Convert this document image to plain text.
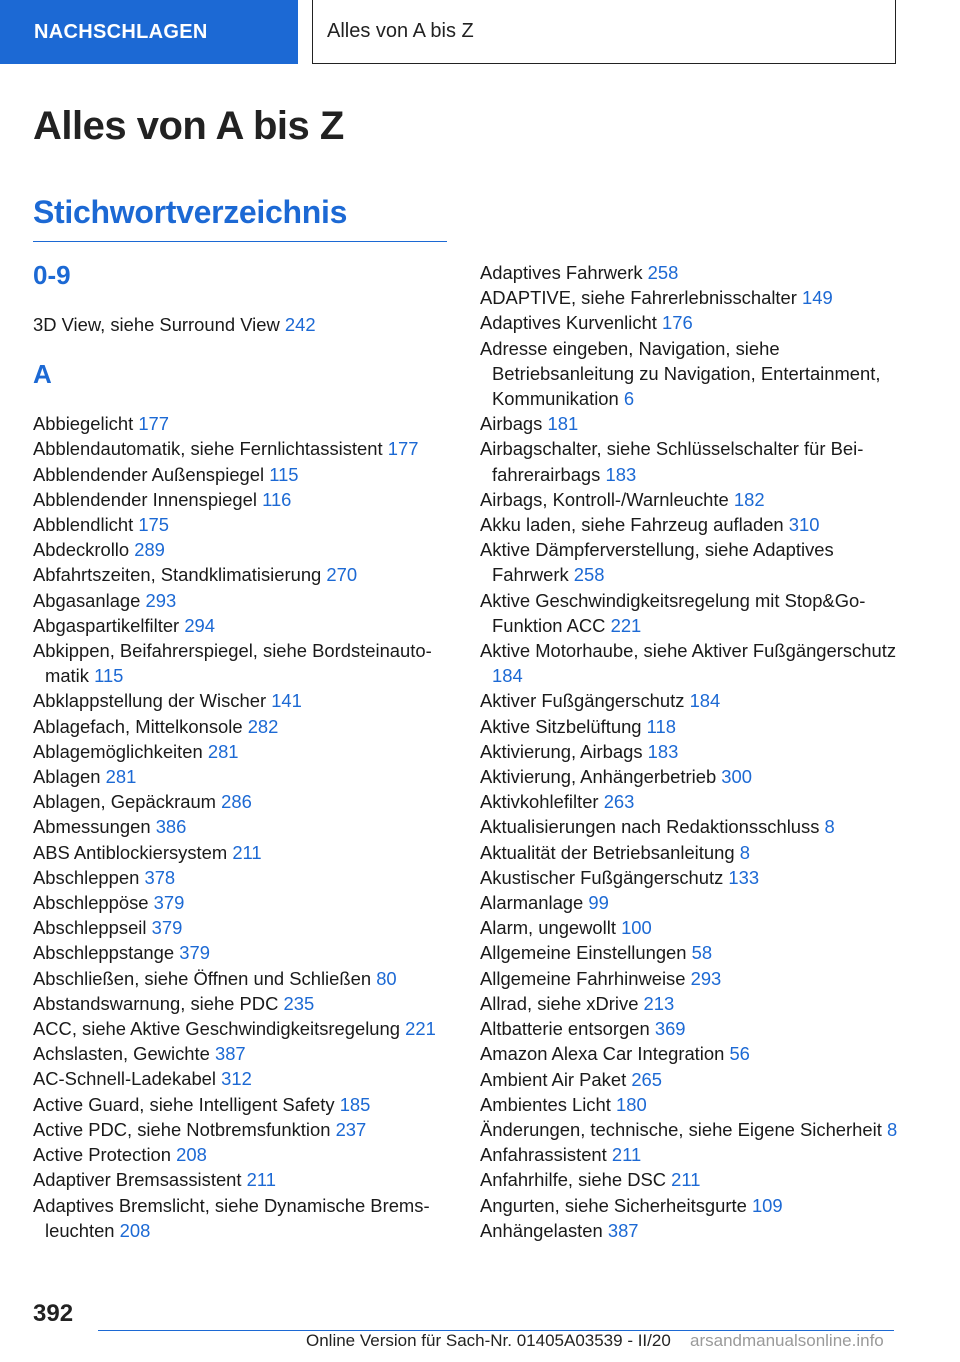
NACHSCHLAGEN	Alles von A bis Z
Alles von A bis Z
Stichwortverzeichnis
0-9
3D View, siehe Surround View 242
A
Abbiegelicht 177
Abblendautomatik, siehe Fernlichtassistent 177
Abblendender Außenspiegel 115
Abblendender Innenspiegel 116
Abblendlicht 175
Abdeckrollo 289
Abfahrtszeiten, Standklimatisierung 270
Abgasanlage 293
Abgaspartikelfilter 294
Abkippen, Beifahrerspiegel, siehe Bordsteinautomatik 115
Abklappstellung der Wischer 141
Ablagefach, Mittelkonsole 282
Ablagemöglichkeiten 281
Ablagen 281
Ablagen, Gepäckraum 286
Abmessungen 386
ABS Antiblockiersystem 211
Abschleppen 378
Abschleppöse 379
Abschleppseil 379
Abschleppstange 379
Abschließen, siehe Öffnen und Schließen 80
Abstandswarnung, siehe PDC 235
ACC, siehe Aktive Geschwindigkeitsregelung 221
Achslasten, Gewichte 387
AC-Schnell-Ladekabel 312
Active Guard, siehe Intelligent Safety 185
Active PDC, siehe Notbremsfunktion 237
Active Protection 208
Adaptiver Bremsassistent 211
Adaptives Bremslicht, siehe Dynamische Bremsleuchten 208
Adaptives Fahrwerk 258
ADAPTIVE, siehe Fahrerlebnisschalter 149
Adaptives Kurvenlicht 176
Adresse eingeben, Navigation, siehe Betriebsanleitung zu Navigation, Entertainment, Kommunikation 6
Airbags 181
Airbagschalter, siehe Schlüsselschalter für Beifahrerairbags 183
Airbags, Kontroll-/Warnleuchte 182
Akku laden, siehe Fahrzeug aufladen 310
Aktive Dämpferverstellung, siehe Adaptives Fahrwerk 258
Aktive Geschwindigkeitsregelung mit Stop&Go-Funktion ACC 221
Aktive Motorhaube, siehe Aktiver Fußgängerschutz 184
Aktiver Fußgängerschutz 184
Aktive Sitzbelüftung 118
Aktivierung, Airbags 183
Aktivierung, Anhängerbetrieb 300
Aktivkohlefilter 263
Aktualisierungen nach Redaktionsschluss 8
Aktualität der Betriebsanleitung 8
Akustischer Fußgängerschutz 133
Alarmanlage 99
Alarm, ungewollt 100
Allgemeine Einstellungen 58
Allgemeine Fahrhinweise 293
Allrad, siehe xDrive 213
Altbatterie entsorgen 369
Amazon Alexa Car Integration 56
Ambient Air Paket 265
Ambientes Licht 180
Änderungen, technische, siehe Eigene Sicherheit 8
Anfahrassistent 211
Anfahrhilfe, siehe DSC 211
Angurten, siehe Sicherheitsgurte 109
Anhängelasten 387
392
Online Version für Sach-Nr. 01405A03539 - II/20 arsandmanualsonline.info
